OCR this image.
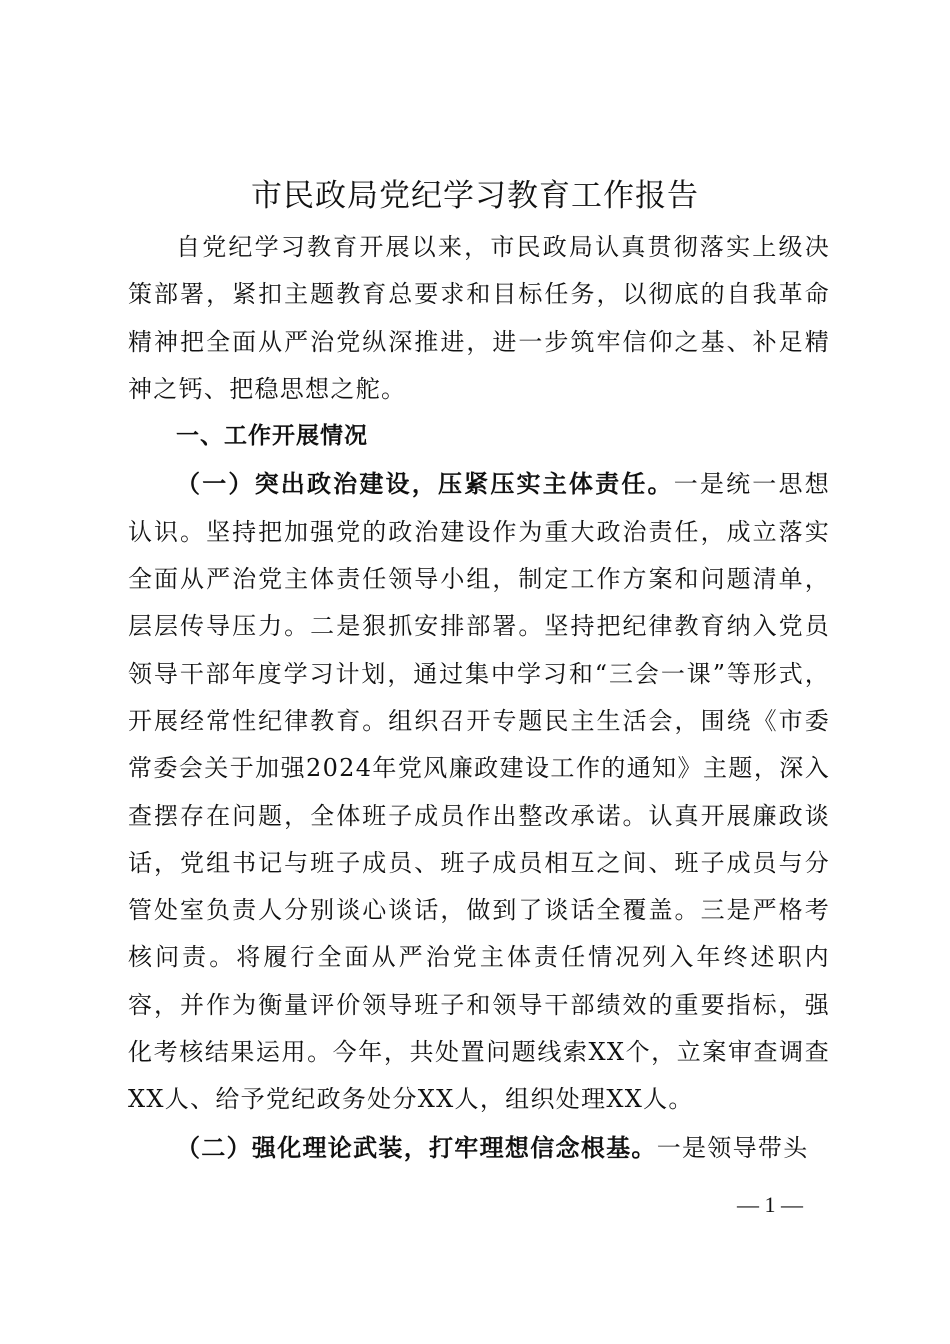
市民政局党纪学习教育工作报告

自党纪学习教育开展以来，市民政局认真贯彻落实上级决策部署，紧扣主题教育总要求和目标任务，以彻底的自我革命精神把全面从严治党纵深推进，进一步筑牢信仰之基、补足精神之钙、把稳思想之舵。

一、工作开展情况

（一）突出政治建设，压紧压实主体责任。一是统一思想认识。坚持把加强党的政治建设作为重大政治责任，成立落实全面从严治党主体责任领导小组，制定工作方案和问题清单，层层传导压力。二是狠抓安排部署。坚持把纪律教育纳入党员领导干部年度学习计划，通过集中学习和“三会一课”等形式，开展经常性纪律教育。组织召开专题民主生活会，围绕《市委常委会关于加强2024年党风廉政建设工作的通知》主题，深入查摆存在问题，全体班子成员作出整改承诺。认真开展廉政谈话，党组书记与班子成员、班子成员相互之间、班子成员与分管处室负责人分别谈心谈话，做到了谈话全覆盖。三是严格考核问责。将履行全面从严治党主体责任情况列入年终述职内容，并作为衡量评价领导班子和领导干部绩效的重要指标，强化考核结果运用。今年，共处置问题线索XX个，立案审查调查XX人、给予党纪政务处分XX人，组织处理XX人。

（二）强化理论武装，打牢理想信念根基。一是领导带头

— 1 —
